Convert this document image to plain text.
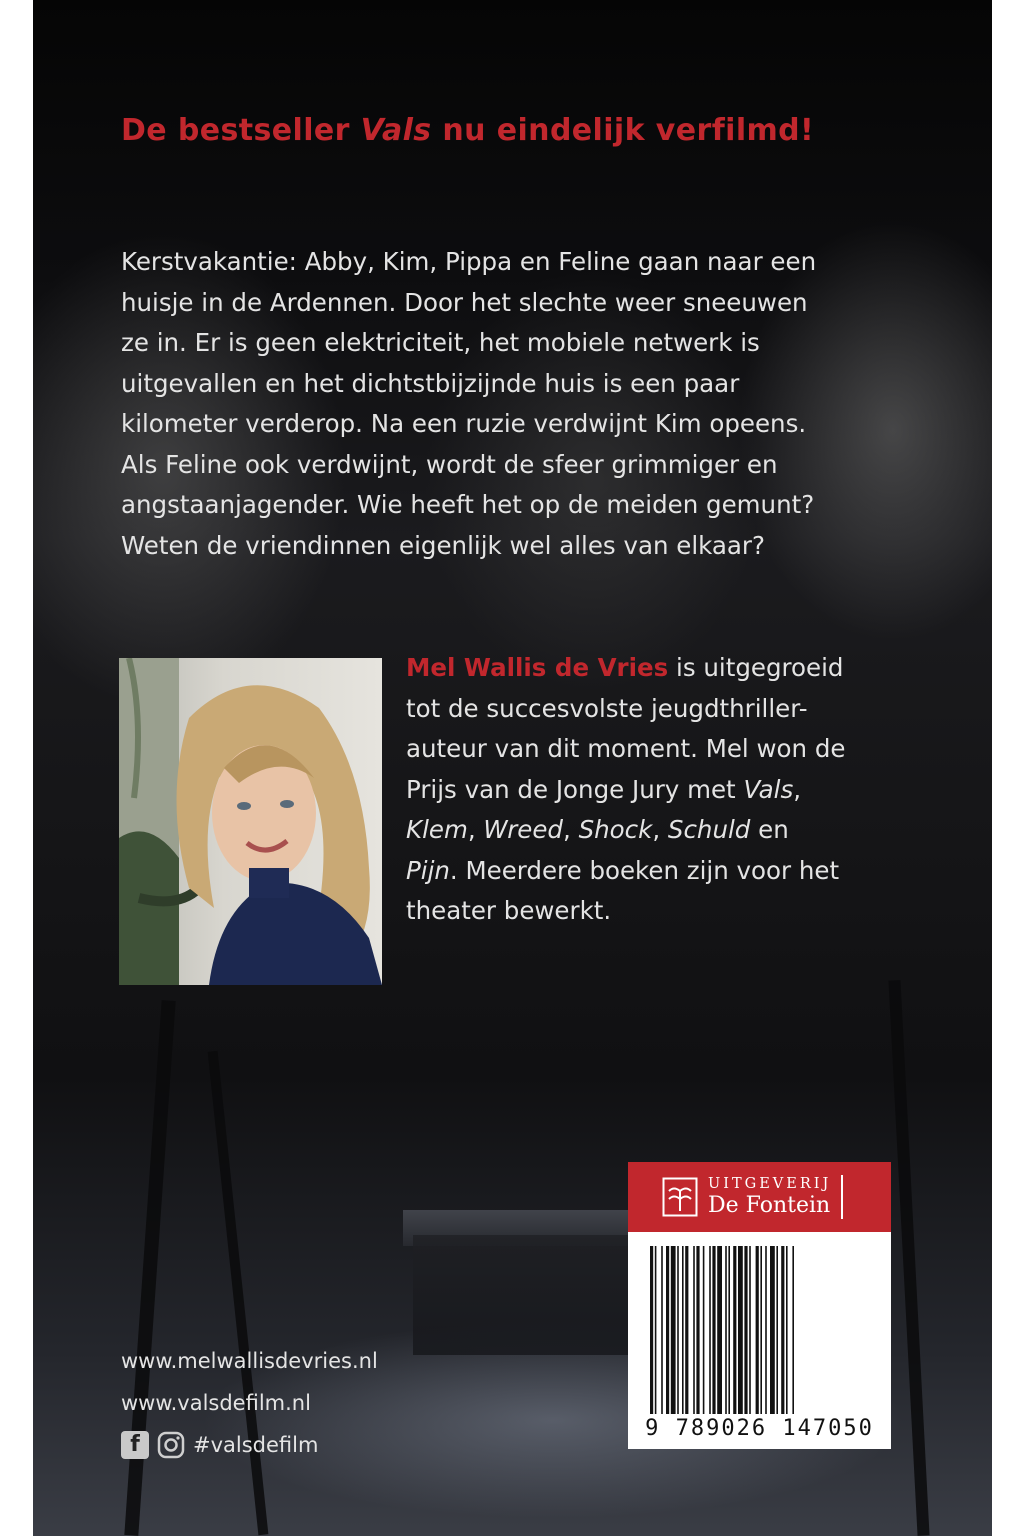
De bestseller Vals nu eindelijk verfilmd!

Kerstvakantie: Abby, Kim, Pippa en Feline gaan naar een
huisje in de Ardennen. Door het slechte weer sneeuwen
ze in. Er is geen elektriciteit, het mobiele netwerk is
uitgevallen en het dichtstbijzijnde huis is een paar
kilometer verderop. Na een ruzie verdwijnt Kim opeens.
Als Feline ook verdwijnt, wordt de sfeer grimmiger en
angstaanjagender. Wie heeft het op de meiden gemunt?
Weten de vriendinnen eigenlijk wel alles van elkaar?

Mel Wallis de Vries is uitgegroeid
tot de succesvolste jeugdthriller-
auteur van dit moment. Mel won de
Prijs van de Jonge Jury met Vals,
Klem, Wreed, Shock, Schuld en
Pijn. Meerdere boeken zijn voor het
theater bewerkt.

www.melwallisdevries.nl
www.valsdefilm.nl
f	#valsdefilm
UITGEVERIJ
De Fontein
9 789026 147050
